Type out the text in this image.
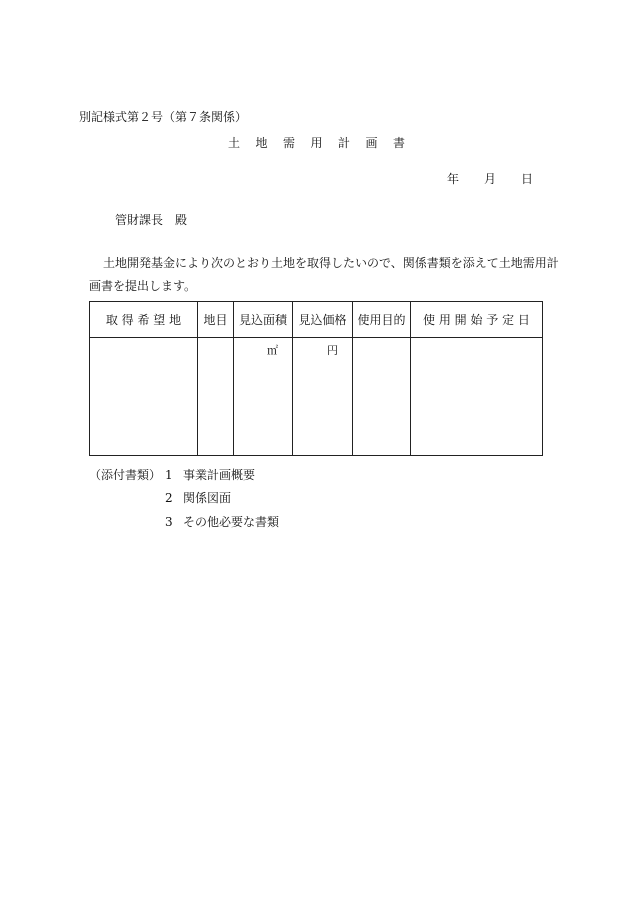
別記様式第２号（第７条関係）
土 地 需 用 計 画 書
年 月 日
管財課長　殿
土地開発基金により次のとおり土地を取得したいので、関係書類を添えて土地需用計
画書を提出します。
取 得 希 望 地	地目	見込面積	見込価格	使用目的	使 用 開 始 予 定 日

		㎡	円		

（添付書類） 1 事業計画概要
2 関係図面
3 その他必要な書類
